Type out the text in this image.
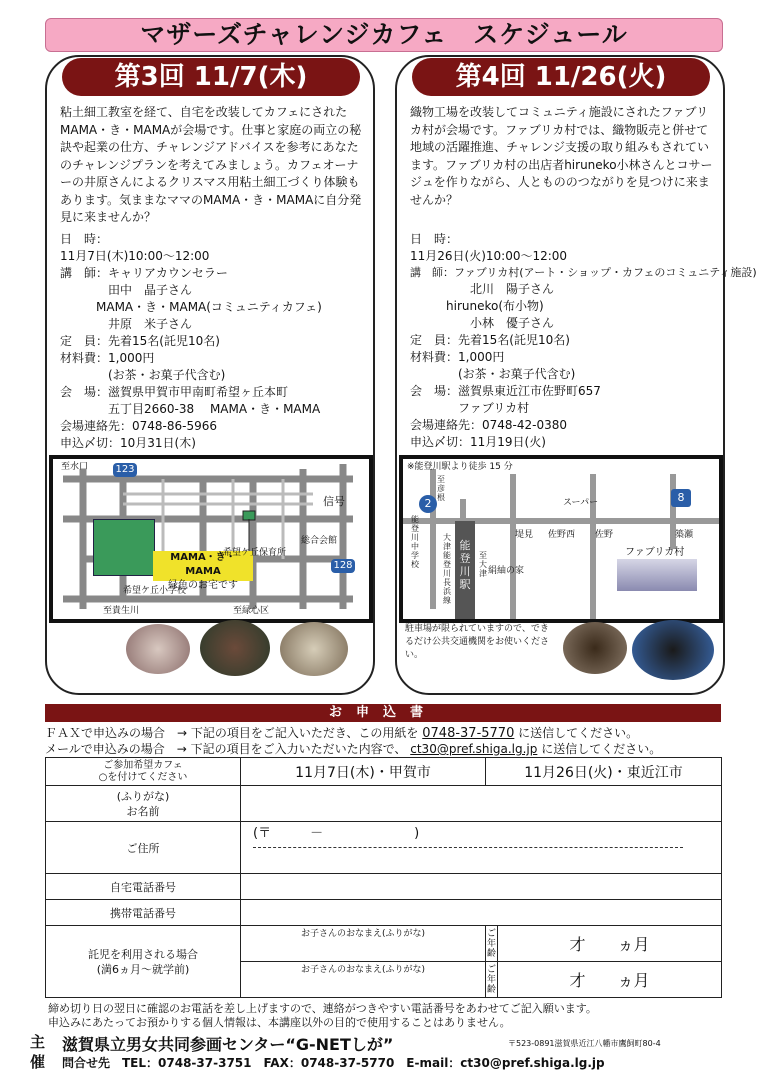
マザーズチャレンジカフェ　スケジュール
第3回 11/7(木)
粘土細工教室を経て、自宅を改装してカフェにされたMAMA・き・MAMAが会場です。仕事と家庭の両立の秘訣や起業の仕方、チャレンジアドバイスを参考にあなたのチャレンジプランを考えてみましょう。カフェオーナーの井原さんによるクリスマス用粘土細工づくり体験もあります。気ままなママのMAMA・き・MAMAに自分発見に来ませんか？
日　時：
11月7日(木)10:00～12:00
講　師：キャリアカウンセラー
　　　　田中　晶子さん
　　　MAMA・き・MAMA(コミュニティカフェ)
　　　　井原　米子さん
定　員：先着15名(託児10名)
材料費：1,000円
　　　　(お茶・お菓子代含む)
会　場：滋賀県甲賀市甲南町希望ヶ丘本町
　　　　五丁目2660-38　 MAMA・き・MAMA
会場連絡先：0748-86-5966
申込〆切：10月31日(木)
MAMA・き・MAMA
緑色のお宅です
123
128
至水口
信号
希望ケ丘保育所
総合会館
希望ケ丘小学校
至貴生川	至緑心区
第4回 11/26(火)
織物工場を改装してコミュニティ施設にされたファブリカ村が会場です。ファブリカ村では、織物販売と併せて地域の活躍推進、チャレンジ支援の取り組みもされています。ファブリカ村の出店者hiruneko小林さんとコサージュを作りながら、人ともののつながりを見つけに来ませんか？
日　時：
11月26日(火)10:00～12:00
講　師：ファブリカ村(アート・ショップ・カフェのコミュニティ施設)
　　　　　北川　陽子さん
　　　hiruneko(布小物)
　　　　　小林　優子さん
定　員：先着15名(託児10名)
材料費：1,000円
　　　　(お茶・お菓子代含む)
会　場：滋賀県東近江市佐野町657
　　　　ファブリカ村
会場連絡先：0748-42-0380
申込〆切：11月19日(火)
※能登川駅より徒歩 15 分
2	8
スーパー
能登川駅
堤見 佐野西 佐野	築瀬
絹紬の家
ファブリカ村
至彦根
能登川中学校
大津能登川長浜線
至大津
駐車場が限られていますので、できるだけ公共交通機関をお使いください。
お申込書
ＦＡＸで申込みの場合　→ 下記の項目をご記入いただき、この用紙を 0748-37-5770 に送信してください。
メールで申込みの場合　→ 下記の項目をご入力いただいた内容で、 ct30@pref.shiga.lg.jp に送信してください。
ご参加希望カフェ
○を付けてください	11月7日(木)・甲賀市	11月26日(火)・東近江市	
(ふりがな)
お名前			
ご住所	(〒　　　－　　　　　　　)		

自宅電話番号			
携帯電話番号			
託児を利用される場合
(満6ヵ月～就学前)	お子さんのおなまえ(ふりがな)	ご年齢	才　　ヵ月
	お子さんのおなまえ(ふりがな)	ご年齢	才　　ヵ月
締め切り日の翌日に確認のお電話を差し上げますので、連絡がつきやすい電話番号をあわせてご記入願います。
申込みにあたってお預かりする個人情報は、本講座以外の目的で使用することはありません。
主催
滋賀県立男女共同参画センター“G-NETしが”	〒523-0891滋賀県近江八幡市鷹飼町80-4
問合せ先　TEL：0748-37-3751　FAX：0748-37-5770　E-mail：ct30@pref.shiga.lg.jp
